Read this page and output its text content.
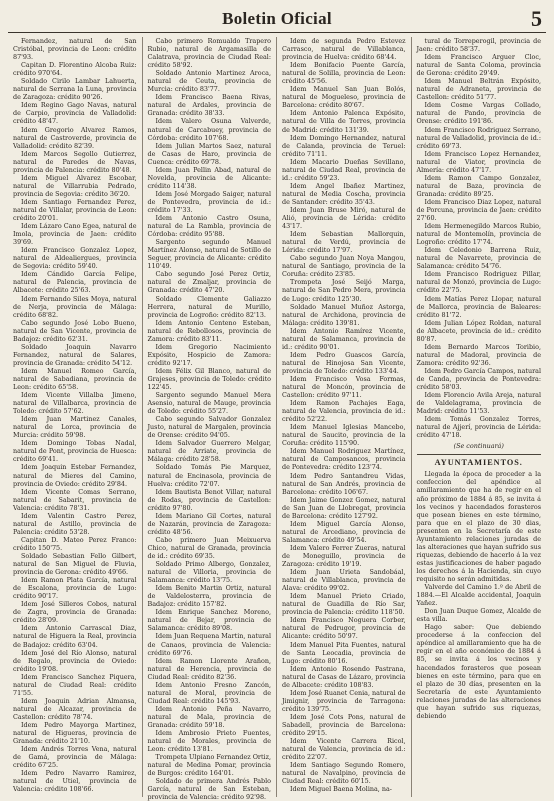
Boletin Oficial	5

Fernandez, natural de San Cristóbal, provincia de Leon: crédito 87'93.

Capitan D. Florentino Alcoba Ruiz: crédito 970'64.

Soldado Cirilo Lambar Lahuerta, natural de Serrana la Luna, provincia de Zaragoza: crédito 90'26.

Idem Regino Gago Navas, natural de Carpio, provincia de Valladolid: crédito 48'47.

Idem Gregorio Alvarez Ramos, natural de Castroverde, provincia de Valladolid: crédito 82'39.

Idem Marcos Segollo Gutierrez, natural de Paredes de Navas, provincia de Palencia: crédito 80'48.

Idem Miguel Alvarez Escobar, natural de Villarrubia Pedrado, provincia de Segovia: crédito 36'20.

Idem Santiago Fernandez Perez, natural de Villalar, provincia de Leon: crédito 20'01.

Idem Lázaro Cano Egea, natural de Imola, provincia de Jaen: crédito 39'69.

Idem Francisco Gonzalez Lopez, natural de Aldealiergues, provincia de Segovia: crédito 59'40.

Idem Cándido García Felipe, natural de Palencia, provincia de Albacete: crédito 25'63.

Idem Fernando Siles Moya, natural de Nerja, provincia de Málaga: crédito 68'82.

Cabo segundo José Lobo Bueno, natural de San Vicente, provincia de Badajoz: crédito 62'31.

Soldado Joaquin Navarro Fernandez, natural de Salares, provincia de Granada: crédito 54'12.

Idem Manuel Romeo García, natural de Sabadiana, provincia de Leon: crédito 65'58.

Idem Vicente Villalba Jimeno, natural de Villalbarca, provincia de Toledo: crédito 57'62.

Idem Juan Martinez Canales, natural de Lorca, provincia de Murcia: crédito 59'98.

Idem Domingo Tobas Nadal, natural de Pont, provincia de Huesca: crédito 69'41.

Idem Joaquin Estebar Fernandez, natural de Mieres del Camino, provincia de Oviedo: crédito 29'84.

Idem Vicente Comas Serrano, natural de Sabarit, provincia de Valencia: crédito 78'31.

Idem Valentin Castro Perez, natural de Astillo, provincia de Palencia: crédito 53'28.

Capitan D. Mateo Perez Franco: crédito 150'75.

Soldado Sebastian Fello Gilbert, natural de San Miguel de Fluvia, provincia de Gerona: crédito 49'66.

Idem Ramon Plata García, natural de Escalona, provincia de Lugo: crédito 90'17.

Idem José Silleros Cobos, natural de Zagra, provincia de Granada: crédito 28'09.

Idem Antonio Carrascal Diaz, natural de Higuera la Real, provincia de Badajoz: crédito 63'04.

Idem José del Río Alonso, natural de Regalo, provincia de Oviedo: crédito 19'08.

Idem Francisco Sanchez Piquera, natural de Ciudad Real: crédito 71'55.

Idem Joaquin Adrian Almansa, natural de Alcazar, provincia de Castellon: crédito 78'74.

Idem Pedro Mayorga Martinez, natural de Higueras, provincia de Granada: crédito 21'10.

Idem Andrés Torres Vena, natural de Gamá, provincia de Málaga: crédito 67'25.

Idem Pedro Navarro Ramirez, natural de Utiel, provincia de Valencia: crédito 108'66.

Cabo primero Romualdo Trapero Rubio, natural de Argamasilla de Calatrava, provincia de Ciudad Real: crédito 58'92.

Soldado Antonio Martinez Aroca, natural de Ceuta, provincia de Murcia: crédito 83'77.

Idem Francisco Baena Rivas, natural de Ardales, provincia de Granada: crédito 38'33.

Idem Valero Osuna Valverde, natural de Carcabuey, provincia de Córdoba: crédito 107'68.

Idem Julian Martos Saez, natural de Casas de Haro, provincia de Cuenca: crédito 69'78.

Idem Juan Pellin Abad, natural de Novelda, provincia de Alicante: crédito 114'38.

Idem José Morgado Saiger, natural de Pontevedra, provincia de id.: crédito 17'33.

Idem Antonio Castro Osuna, natural de La Rambla, provincia de Córdoba: crédito 95'88.

Sargento segundo Manuel Martínez Alonso, natural de Sotillo de Seguer, provincia de Alicante: crédito 110'49.

Cabo segundo José Perez Ortiz, natural de Zmaljar, provincia de Granada: crédito 47'20.

Soldado Clemente Galiazzo Herrera, natural de Murillo, provincia de Logroño: crédito 82'13.

Idem Antonio Centeno Esteban, natural de Rebollosos, provincia de Zamora: crédito 83'11.

Idem Gregorio Nacimiento Expósito, Hospicio de Zamora: crédito 92'17.

Idem Félix Gil Blanco, natural de Grajeses, provincia de Toledo: crédito 122'45.

Sargento segundo Manuel Mera Asensio, natural de Mauge, provincia de Toledo: crédito 55'27.

Cabo segundo Salvador Gonzalez Justo, natural de Margalen, provincia de Orense: crédito 94'05.

Idem Salvador Guerrero Melgar, natural de Arriate, provincia de Málaga: crédito 28'58.

Soldado Tomás Pie Marquez, natural de Encinasola, provincia de Huelva: crédito 72'07.

Idem Bautista Benot Villar, natural de Rodas, provincia de Castellon: crédito 97'80.

Idem Mariano Gil Cortes, natural de Nazarán, provincia de Zaragoza: crédito 48'56.

Cabo primero Juan Meixuerva Chico, natural de Granada, provincia de id.: crédito 69'35.

Soldado Primo Albergo, Gonzalez, natural de Villoria, provincia de Salamanca: crédito 13'75.

Idem Benito Martin Ortiz, natural de Valdelosterra, provincia de Badajoz: crédito 157'82.

Idem Enrique Sanchez Moreno, natural de Bejar, provincia de Salamanca: crédito 89'08.

Idem Juan Requena Martin, natural de Canaos, provincia de Valencia: crédito 69'76.

Idem Ramon Llorente Arañon, natural de Herencia, provincia de Ciudad Real: crédito 82'36.

Idem Antonio Fresno Zancón, natural de Moral, provincia de Ciudad Real: crédito 145'93.

Idem Antonio Peña Navarro, natural de Mala, provincia de Granada: crédito 59'18.

Idem Ambrosio Prieto Fuentes, natural de Morales, provincia de Leon: crédito 13'81.

Trompeta Ulpiano Fernandez Ortiz, natural de Medina Pomar, provincia de Burgos: crédito 164'01.

Soldado de primera Andrés Pablo García, natural de San Esteban, provincia de Valencia: crédito 92'98.

Idem de segunda Pedro Estevez Carrasco, natural de Villablanca, provincia de Huelva: crédito 68'44.

Idem Bonifacio Puente García, natural de Solilla, provincia de Leon: crédito 45'56.

Idem Manuel San Juan Bolós, natural de Mogueleso, provincia de Barcelona: crédito 80'67.

Idem Antonio Palenca Expósito, natural de Villa de Torres, provincia de Madrid: crédito 131'39.

Idem Domingo Hernandez, natural de Calanda, provincia de Teruel: crédito 71'11.

Idem Macario Dueñas Sevillano, natural de Ciudad Real, provincia de id.: crédito 59'23.

Idem Angel Ibañez Martinez, natural de Media Coscha, provincia de Santander: crédito 35'43.

Idem Juan Bruse Miró, natural de Alió, provincia de Lérida: crédito 43'17.

Idem Sebastian Mallorquin, natural de Verdú, provincia de Lérida: crédito 17'97.

Cabo segundo Juan Noya Mangou, natural de Santiago, provincia de la Coruña: crédito 23'85.

Trompeta José Seijó Marga, natural de San Pedro Mera, provincia de Lugo: crédito 125'30.

Soldado Manuel Muñoz Astorga, natural de Archidona, provincia de Málaga: crédito 139'81.

Idem Antonio Ramírez Vicente, natural de Salamanca, provincia de id.: crédito 90'01.

Idem Pedro Guascos García, natural de Hinojosa San Vicente, provincia de Toledo: crédito 133'44.

Idem Francisco Vosa Formas, natural de Moncón, provincia de Castellon: crédito 97'11.

Idem Ramon Pachajes Eaga, natural de Valencia, provincia de id.: crédito 52'22.

Idem Manuel Iglesias Mancebo, natural de Saucito, provincia de la Coruña: crédito 115'90.

Idem Manuel Rodriguez Martínez, natural de Camposancos, provincia de Pontevedra: crédito 123'74.

Idem Pedro Santandreu Vidas, natural de San Andrés, provincia de Barcelona: crédito 106'67.

Idem Jaime Gonzez Gomez, natural de San Juan de Llobregat, provincia de Barcelona: crédito 127'92.

Idem Miguel García Alonso, natural de Arcediano, provincia de Salamanca: crédito 49'54.

Idem Valero Ferrer Zueras, natural de Moneguillo, provincia de Zaragoza: crédito 19'19.

Idem Juan Urieta Sandobáal, natural de Villablanca, provincia de Alava: crédito 99'02.

Idem Manuel Prieto Criado, natural de Guadilla de Río Sar, provincia de Palencia: crédito 118'50.

Idem Francisco Noguera Corber, natural de Pedrugor, provincia de Alicante: crédito 50'97.

Idem Manuel Pita Fuentes, natural de Santa Leocadia, provincia de Lugo: crédito 80'16.

Idem Antonio Rosendo Pastrana, natural de Casas de Lázaro, provincia de Albacete: crédito 108'83.

Idem José Ruanet Cenia, natural de Jimignir, provincia de Tarragona: crédito 139'75.

Idem José Cots Pons, natural de Sabadell, provincia de Barcelona: crédito 29'15.

Idem Vicente Carrera Ricol, natural de Valencia, provincia de id.: crédito 22'07.

Idem Santiago Segundo Romero, natural de Navalpino, provincia de Ciudad Real: crédito 60'15.

Idem Miguel Baena Molina, na-

tural de Torreperogil, provincia de Jaen: crédito 58'37.

Idem Francisco Arguer Cloc, natural de Santa Coloma, provincia de Gerona: crédito 29'49.

Idem Manuel Beltrán Expósito, natural de Adraneta, provincia de Castellon: crédito 51'77.

Idem Cosme Vargas Collado, natural de Pando, provincia de Orense: crédito 191'86.

Idem Francisco Rodriguez Serrano, natural de Valladolid, provincia de id.: crédito 69'73.

Idem Francisco Lopez Hernandez, natural de Viator, provincia de Almería: crédito 47'17.

Idem Ramon Campo Gonzalez, natural de Baza, provincia de Granada: crédito 89'25.

Idem Francisco Diaz Lopez, natural de Porcuna, provincia de Jaen: crédito 27'60.

Idem Hermenegildo Marcos Rubio, natural de Montemolín, provincia de Logroño: crédito 17'74.

Idem Celedonio Barrena Ruiz, natural de Navarrete, provincia de Salamanca: crédito 54'76.

Idem Francisco Rodriguez Pillar, natural de Monzó, provincia de Lugo: crédito 22'75.

Idem Matías Perez Llopar, natural de Mallorca, provincia de Baleares: crédito 81'72.

Idem Julian López Roldan, natural de Albacete, provincia de id.: crédito 80'87.

Idem Bernardo Marcos Toribio, natural de Madoral, provincia de Zamora: crédito 92'36.

Idem Pedro García Campos, natural de Canda, provincia de Pontevedra: crédito 58'03.

Idem Florencio Avila Areja, natural de Valdelagrama, provincia de Madrid: crédito 11'53.

Idem Tomás Gonzalez Torres, natural de Ajjerí, provincia de Lérida: crédito 47'18.

(Se continuará)

AYUNTAMIENTOS.

Llegada la época de proceder a la confeccion del apéndice al amillaramiento que ha de regir en el año próximo de 1884 á 85, se invita á los vecinos y hacendados forasteros que posean bienes en este término, para que en el plazo de 30 dias, presenten en la Secretaría de este Ayuntamiento relaciones juradas de las alteraciones que hayan sufrido sus riquezas, debiendo de hacerlo á la vez estas justificaciones de haber pagado los derechos á la Hacienda, sin cuyo requisito no serán admitidas.

Valverde del Camino 1.º de Abril de 1884.—El Alcalde accidental, Joaquin Yañez.

Don Juan Duque Gomez, Alcalde de esta villa.

Hago saber: Que debiendo procederse á la confeccion del apéndice al amillaramiento que ha de regir en el año económico de 1884 á 85, se invita á los vecinos y hacendados forasteros que posean bienes en este término, para que en el plazo de 30 días, presenten en la Secretaría de este Ayuntamiento relaciones juradas de las alteraciones que hayan sufrido sus riquezas, debiendo
